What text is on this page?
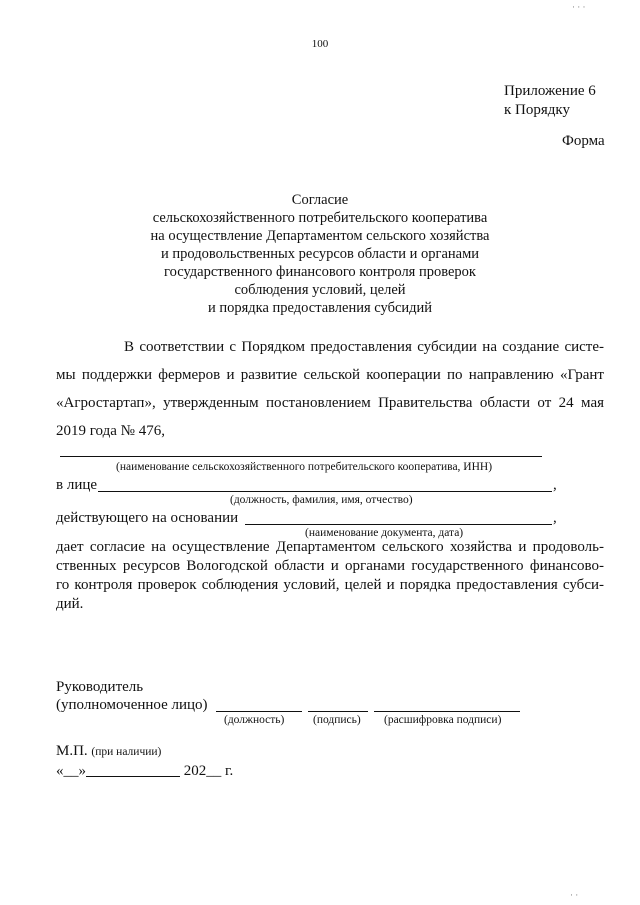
· · ·
100
Приложение 6
к Порядку
Форма
Согласие
сельскохозяйственного потребительского кооператива
на осуществление Департаментом сельского хозяйства
и продовольственных ресурсов области и органами
государственного финансового контроля проверок
соблюдения условий, целей
и порядка предоставления субсидий
В соответствии с Порядком предоставления субсидии на создание систе-
мы поддержки фермеров и развитие сельской кооперации по направлению «Грант
«Агростартап», утвержденным постановлением Правительства области от 24 мая
2019 года № 476,
(наименование сельскохозяйственного потребительского кооператива, ИНН)
в лице	,
(должность, фамилия, имя, отчество)
действующего на основании	,
(наименование документа, дата)
дает согласие на осуществление Департаментом сельского хозяйства и продоволь-
ственных ресурсов Вологодской области и органами государственного финансово-
го контроля проверок соблюдения условий, целей и порядка предоставления субси-
дий.
Руководитель
(уполномоченное лицо)
(должность) (подпись) (расшифровка подписи)
М.П. (при наличии)
«__»	202__ г.
· ·
